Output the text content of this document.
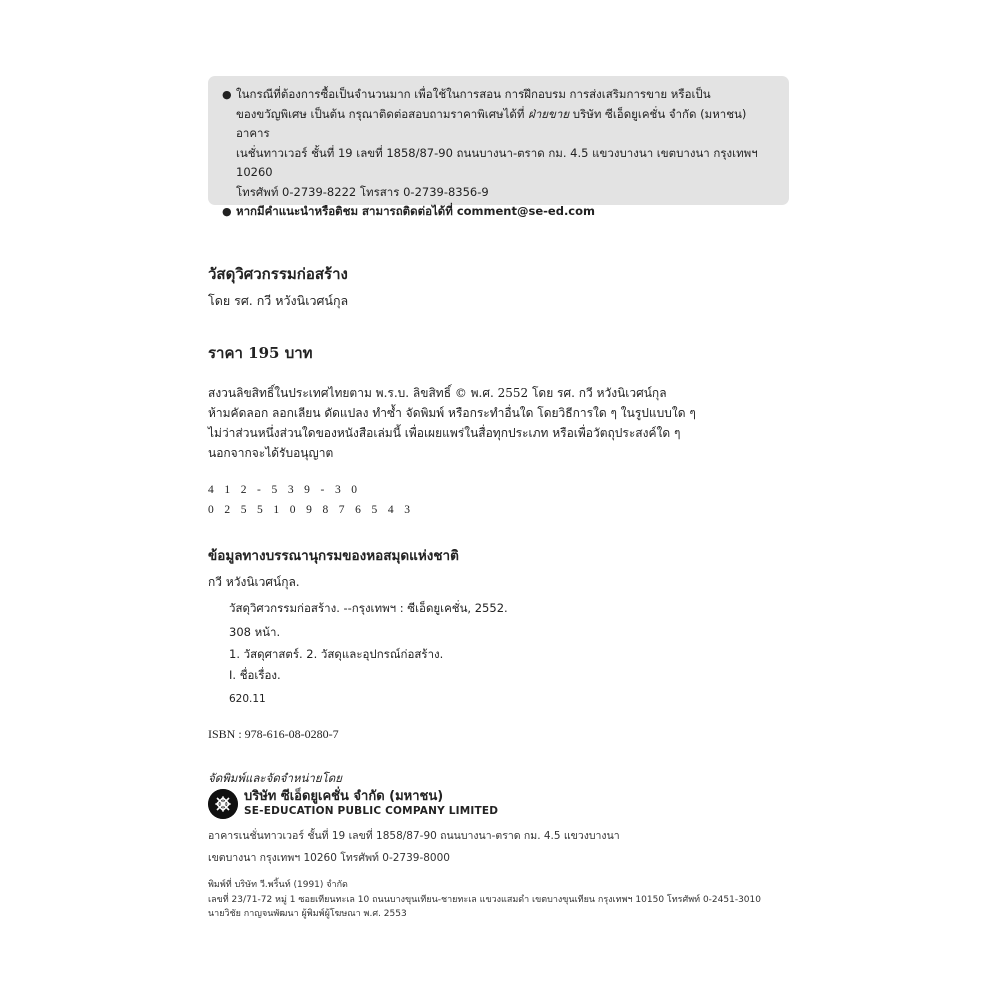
● ในกรณีที่ต้องการซื้อเป็นจำนวนมาก เพื่อใช้ในการสอน การฝึกอบรม การส่งเสริมการขาย หรือเป็น
ของขวัญพิเศษ เป็นต้น กรุณาติดต่อสอบถามราคาพิเศษได้ที่ ฝ่ายขาย บริษัท ซีเอ็ดยูเคชั่น จำกัด (มหาชน) อาคาร
เนชั่นทาวเวอร์ ชั้นที่ 19 เลขที่ 1858/87-90 ถนนบางนา-ตราด กม. 4.5 แขวงบางนา เขตบางนา กรุงเทพฯ 10260
โทรศัพท์ 0-2739-8222 โทรสาร 0-2739-8356-9
● หากมีคำแนะนำหรือติชม สามารถติดต่อได้ที่ comment@se-ed.com
วัสดุวิศวกรรมก่อสร้าง
โดย รศ. กวี หวังนิเวศน์กุล
ราคา 195 บาท
สงวนลิขสิทธิ์ในประเทศไทยตาม พ.ร.บ. ลิขสิทธิ์ © พ.ศ. 2552 โดย รศ. กวี หวังนิเวศน์กุล
ห้ามคัดลอก ลอกเลียน ดัดแปลง ทำซ้ำ จัดพิมพ์ หรือกระทำอื่นใด โดยวิธีการใด ๆ ในรูปแบบใด ๆ
ไม่ว่าส่วนหนึ่งส่วนใดของหนังสือเล่มนี้ เพื่อเผยแพร่ในสื่อทุกประเภท หรือเพื่อวัตถุประสงค์ใด ๆ
นอกจากจะได้รับอนุญาต
412-539-30
0255109876543
ข้อมูลทางบรรณานุกรมของหอสมุดแห่งชาติ
กวี หวังนิเวศน์กุล.
วัสดุวิศวกรรมก่อสร้าง. --กรุงเทพฯ : ซีเอ็ดยูเคชั่น, 2552.
308 หน้า.
1. วัสดุศาสตร์. 2. วัสดุและอุปกรณ์ก่อสร้าง.
I. ชื่อเรื่อง.
620.11
ISBN : 978-616-08-0280-7
จัดพิมพ์และจัดจำหน่ายโดย
บริษัท ซีเอ็ดยูเคชั่น จำกัด (มหาชน)
SE-EDUCATION PUBLIC COMPANY LIMITED
อาคารเนชั่นทาวเวอร์ ชั้นที่ 19 เลขที่ 1858/87-90 ถนนบางนา-ตราด กม. 4.5 แขวงบางนา
เขตบางนา กรุงเทพฯ 10260 โทรศัพท์ 0-2739-8000
พิมพ์ที่ บริษัท วี.พริ้นท์ (1991) จำกัด
เลขที่ 23/71-72 หมู่ 1 ซอยเทียนทะเล 10 ถนนบางขุนเทียน-ชายทะเล แขวงแสมดำ เขตบางขุนเทียน กรุงเทพฯ 10150 โทรศัพท์ 0-2451-3010
นายวิชัย กาญจนพัฒนา ผู้พิมพ์ผู้โฆษณา พ.ศ. 2553
